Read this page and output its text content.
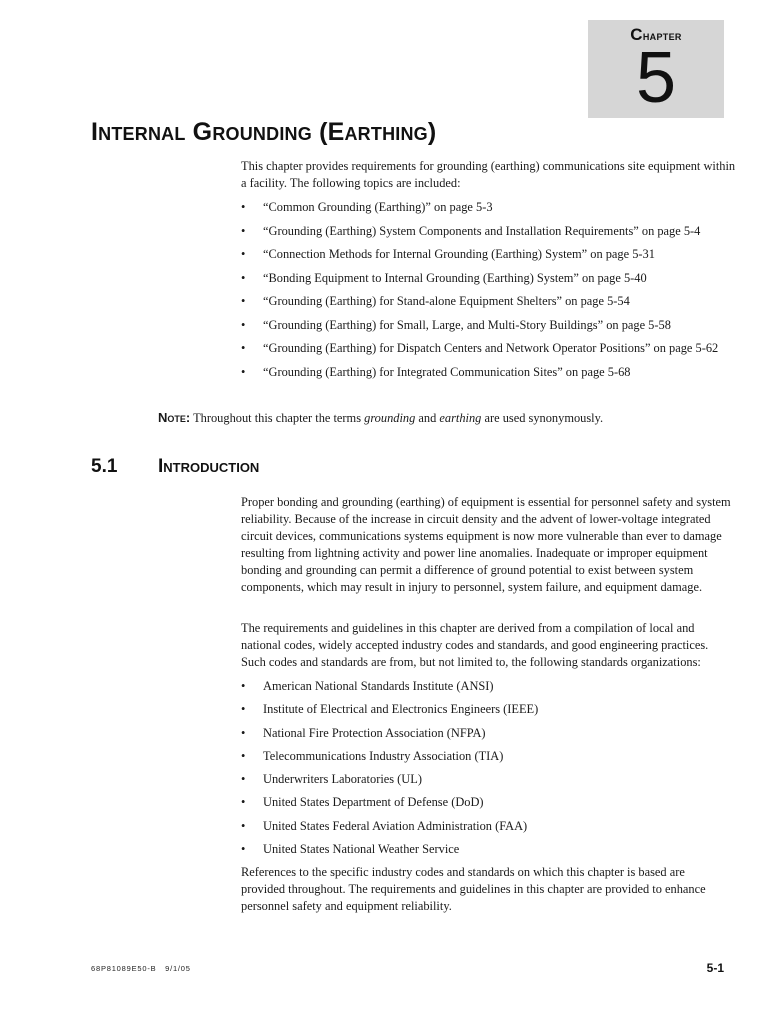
Chapter
5
Internal Grounding (Earthing)

This chapter provides requirements for grounding (earthing) communications site equipment within a facility. The following topics are included:

• “Common Grounding (Earthing)” on page 5-3
• “Grounding (Earthing) System Components and Installation Requirements” on page 5-4
• “Connection Methods for Internal Grounding (Earthing) System” on page 5-31
• “Bonding Equipment to Internal Grounding (Earthing) System” on page 5-40
• “Grounding (Earthing) for Stand-alone Equipment Shelters” on page 5-54
• “Grounding (Earthing) for Small, Large, and Multi-Story Buildings” on page 5-58
• “Grounding (Earthing) for Dispatch Centers and Network Operator Positions” on page 5-62
• “Grounding (Earthing) for Integrated Communication Sites” on page 5-68

Note: Throughout this chapter the terms grounding and earthing are used synonymously.

5.1 Introduction

Proper bonding and grounding (earthing) of equipment is essential for personnel safety and system reliability. Because of the increase in circuit density and the advent of lower-voltage integrated circuit devices, communications systems equipment is now more vulnerable than ever to damage resulting from lightning activity and power line anomalies. Inadequate or improper equipment bonding and grounding can permit a difference of ground potential to exist between system components, which may result in injury to personnel, system failure, and equipment damage.

The requirements and guidelines in this chapter are derived from a compilation of local and national codes, widely accepted industry codes and standards, and good engineering practices. Such codes and standards are from, but not limited to, the following standards organizations:

• American National Standards Institute (ANSI)
• Institute of Electrical and Electronics Engineers (IEEE)
• National Fire Protection Association (NFPA)
• Telecommunications Industry Association (TIA)
• Underwriters Laboratories (UL)
• United States Department of Defense (DoD)
• United States Federal Aviation Administration (FAA)
• United States National Weather Service

References to the specific industry codes and standards on which this chapter is based are provided throughout. The requirements and guidelines in this chapter are provided to enhance personnel safety and equipment reliability.

68P81089E50-B   9/1/05	5-1
